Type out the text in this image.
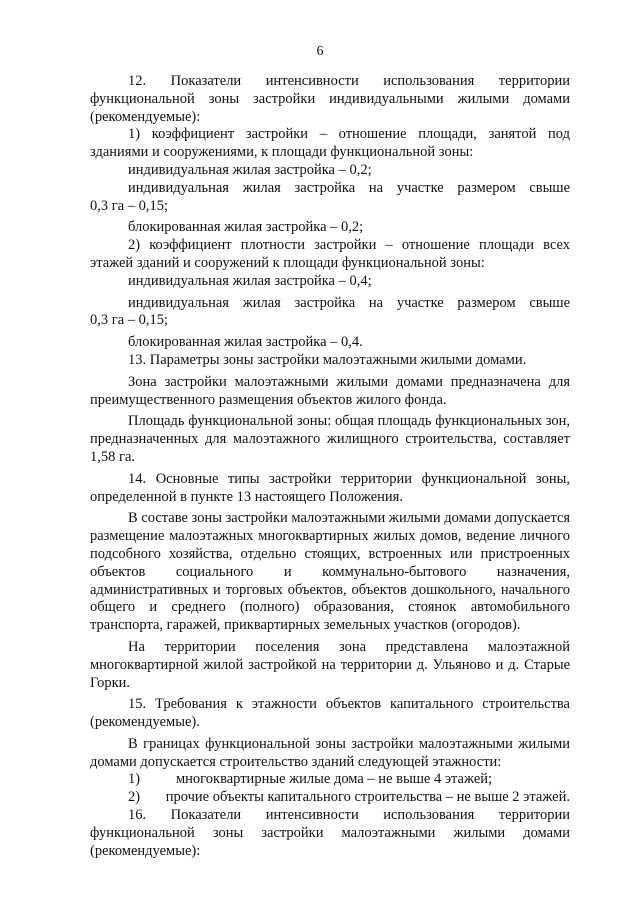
6
12. Показатели интенсивности использования территории
функциональной зоны застройки индивидуальными жилыми домами
(рекомендуемые):
1) коэффициент застройки – отношение площади, занятой под
зданиями и сооружениями, к площади функциональной зоны:
индивидуальная жилая застройка – 0,2;
индивидуальная жилая застройка на участке размером свыше
0,3 га – 0,15;
блокированная жилая застройка – 0,2;
2) коэффициент плотности застройки – отношение площади всех
этажей зданий и сооружений к площади функциональной зоны:
индивидуальная жилая застройка – 0,4;
индивидуальная жилая застройка на участке размером свыше
0,3 га – 0,15;
блокированная жилая застройка – 0,4.
13. Параметры зоны застройки малоэтажными жилыми домами.
Зона застройки малоэтажными жилыми домами предназначена для
преимущественного размещения объектов жилого фонда.
Площадь функциональной зоны: общая площадь функциональных зон,
предназначенных для малоэтажного жилищного строительства, составляет
1,58 га.
14. Основные типы застройки территории функциональной зоны,
определенной в пункте 13 настоящего Положения.
В составе зоны застройки малоэтажными жилыми домами допускается
размещение малоэтажных многоквартирных жилых домов, ведение личного
подсобного хозяйства, отдельно стоящих, встроенных или пристроенных
объектов социального и коммунально-бытового назначения,
административных и торговых объектов, объектов дошкольного, начального
общего и среднего (полного) образования, стоянок автомобильного
транспорта, гаражей, приквартирных земельных участков (огородов).
На территории поселения зона представлена малоэтажной
многоквартирной жилой застройкой на территории д. Ульяново и д. Старые
Горки.
15. Требования к этажности объектов капитального строительства
(рекомендуемые).
В границах функциональной зоны застройки малоэтажными жилыми
домами допускается строительство зданий следующей этажности:
1)	многоквартирные жилые дома – не выше 4 этажей;
2)	прочие объекты капитального строительства – не выше 2 этажей.
16. Показатели интенсивности использования территории
функциональной зоны застройки малоэтажными жилыми домами
(рекомендуемые):
